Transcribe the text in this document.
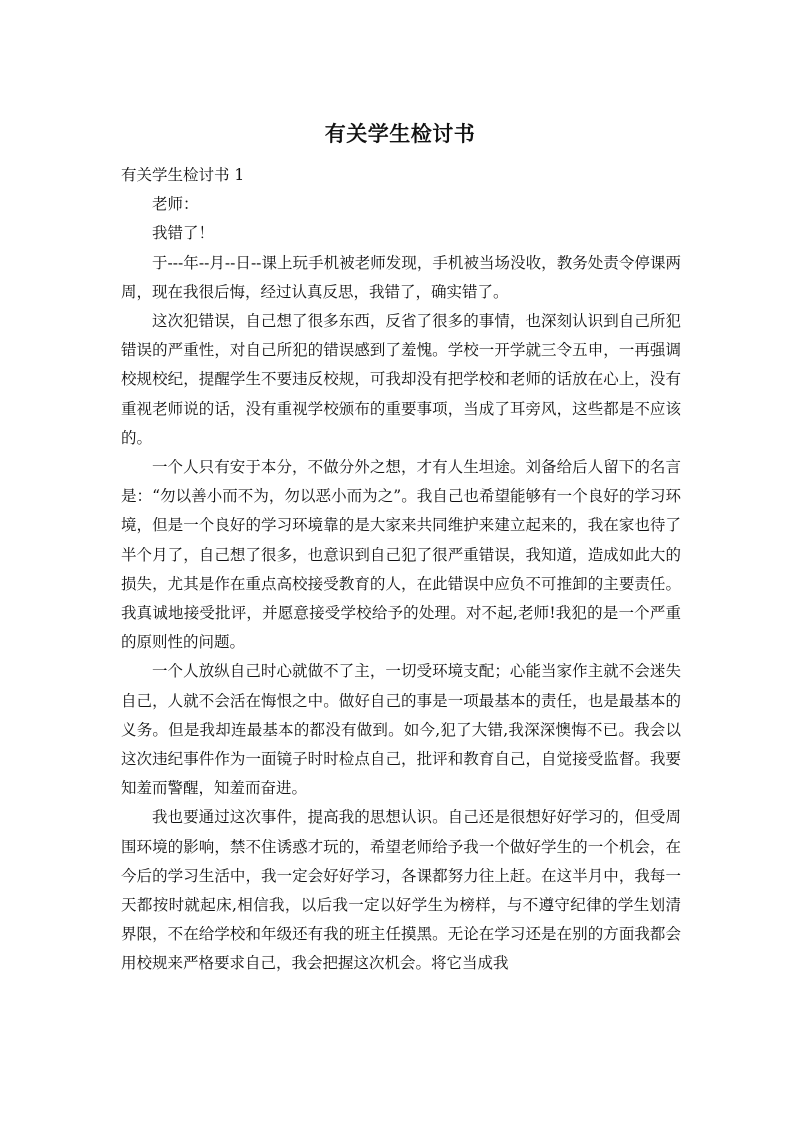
有关学生检讨书

有关学生检讨书 1

老师：

我错了！

于---年--月--日--课上玩手机被老师发现，手机被当场没收，教务处责令停课两周，现在我很后悔，经过认真反思，我错了，确实错了。

这次犯错误，自己想了很多东西，反省了很多的事情，也深刻认识到自己所犯错误的严重性，对自己所犯的错误感到了羞愧。学校一开学就三令五申，一再强调校规校纪，提醒学生不要违反校规，可我却没有把学校和老师的话放在心上，没有重视老师说的话，没有重视学校颁布的重要事项，当成了耳旁风，这些都是不应该的。

一个人只有安于本分，不做分外之想，才有人生坦途。刘备给后人留下的名言是：“勿以善小而不为，勿以恶小而为之”。我自己也希望能够有一个良好的学习环境，但是一个良好的学习环境靠的是大家来共同维护来建立起来的，我在家也待了半个月了，自己想了很多，也意识到自己犯了很严重错误，我知道，造成如此大的损失，尤其是作在重点高校接受教育的人，在此错误中应负不可推卸的主要责任。我真诚地接受批评，并愿意接受学校给予的处理。对不起,老师!我犯的是一个严重的原则性的问题。

一个人放纵自己时心就做不了主，一切受环境支配；心能当家作主就不会迷失自己，人就不会活在悔恨之中。做好自己的事是一项最基本的责任，也是最基本的义务。但是我却连最基本的都没有做到。如今,犯了大错,我深深懊悔不已。我会以这次违纪事件作为一面镜子时时检点自己，批评和教育自己，自觉接受监督。我要知羞而警醒，知羞而奋进。

我也要通过这次事件，提高我的思想认识。自己还是很想好好学习的，但受周围环境的影响，禁不住诱惑才玩的，希望老师给予我一个做好学生的一个机会，在今后的学习生活中，我一定会好好学习，各课都努力往上赶。在这半月中，我每一天都按时就起床,相信我，以后我一定以好学生为榜样，与不遵守纪律的学生划清界限，不在给学校和年级还有我的班主任摸黑。无论在学习还是在别的方面我都会用校规来严格要求自己，我会把握这次机会。将它当成我
